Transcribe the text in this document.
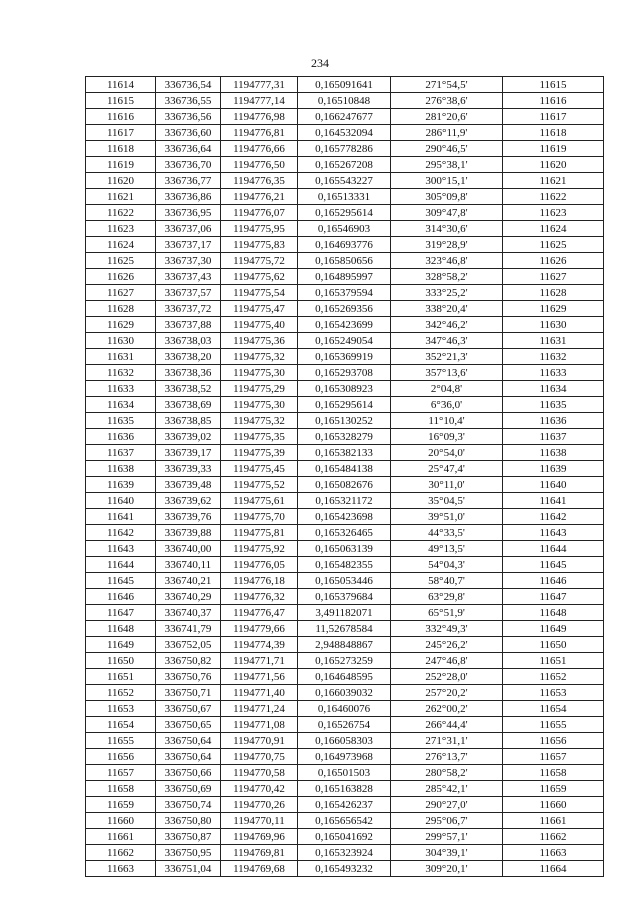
234
11614	336736,54	1194777,31	0,165091641	271°54,5'	11615
11615	336736,55	1194777,14	0,16510848	276°38,6'	11616
11616	336736,56	1194776,98	0,166247677	281°20,6'	11617
11617	336736,60	1194776,81	0,164532094	286°11,9'	11618
11618	336736,64	1194776,66	0,165778286	290°46,5'	11619
11619	336736,70	1194776,50	0,165267208	295°38,1'	11620
11620	336736,77	1194776,35	0,165543227	300°15,1'	11621
11621	336736,86	1194776,21	0,16513331	305°09,8'	11622
11622	336736,95	1194776,07	0,165295614	309°47,8'	11623
11623	336737,06	1194775,95	0,16546903	314°30,6'	11624
11624	336737,17	1194775,83	0,164693776	319°28,9'	11625
11625	336737,30	1194775,72	0,165850656	323°46,8'	11626
11626	336737,43	1194775,62	0,164895997	328°58,2'	11627
11627	336737,57	1194775,54	0,165379594	333°25,2'	11628
11628	336737,72	1194775,47	0,165269356	338°20,4'	11629
11629	336737,88	1194775,40	0,165423699	342°46,2'	11630
11630	336738,03	1194775,36	0,165249054	347°46,3'	11631
11631	336738,20	1194775,32	0,165369919	352°21,3'	11632
11632	336738,36	1194775,30	0,165293708	357°13,6'	11633
11633	336738,52	1194775,29	0,165308923	2°04,8'	11634
11634	336738,69	1194775,30	0,165295614	6°36,0'	11635
11635	336738,85	1194775,32	0,165130252	11°10,4'	11636
11636	336739,02	1194775,35	0,165328279	16°09,3'	11637
11637	336739,17	1194775,39	0,165382133	20°54,0'	11638
11638	336739,33	1194775,45	0,165484138	25°47,4'	11639
11639	336739,48	1194775,52	0,165082676	30°11,0'	11640
11640	336739,62	1194775,61	0,165321172	35°04,5'	11641
11641	336739,76	1194775,70	0,165423698	39°51,0'	11642
11642	336739,88	1194775,81	0,165326465	44°33,5'	11643
11643	336740,00	1194775,92	0,165063139	49°13,5'	11644
11644	336740,11	1194776,05	0,165482355	54°04,3'	11645
11645	336740,21	1194776,18	0,165053446	58°40,7'	11646
11646	336740,29	1194776,32	0,165379684	63°29,8'	11647
11647	336740,37	1194776,47	3,491182071	65°51,9'	11648
11648	336741,79	1194779,66	11,52678584	332°49,3'	11649
11649	336752,05	1194774,39	2,948848867	245°26,2'	11650
11650	336750,82	1194771,71	0,165273259	247°46,8'	11651
11651	336750,76	1194771,56	0,164648595	252°28,0'	11652
11652	336750,71	1194771,40	0,166039032	257°20,2'	11653
11653	336750,67	1194771,24	0,16460076	262°00,2'	11654
11654	336750,65	1194771,08	0,16526754	266°44,4'	11655
11655	336750,64	1194770,91	0,166058303	271°31,1'	11656
11656	336750,64	1194770,75	0,164973968	276°13,7'	11657
11657	336750,66	1194770,58	0,16501503	280°58,2'	11658
11658	336750,69	1194770,42	0,165163828	285°42,1'	11659
11659	336750,74	1194770,26	0,165426237	290°27,0'	11660
11660	336750,80	1194770,11	0,165656542	295°06,7'	11661
11661	336750,87	1194769,96	0,165041692	299°57,1'	11662
11662	336750,95	1194769,81	0,165323924	304°39,1'	11663
11663	336751,04	1194769,68	0,165493232	309°20,1'	11664
